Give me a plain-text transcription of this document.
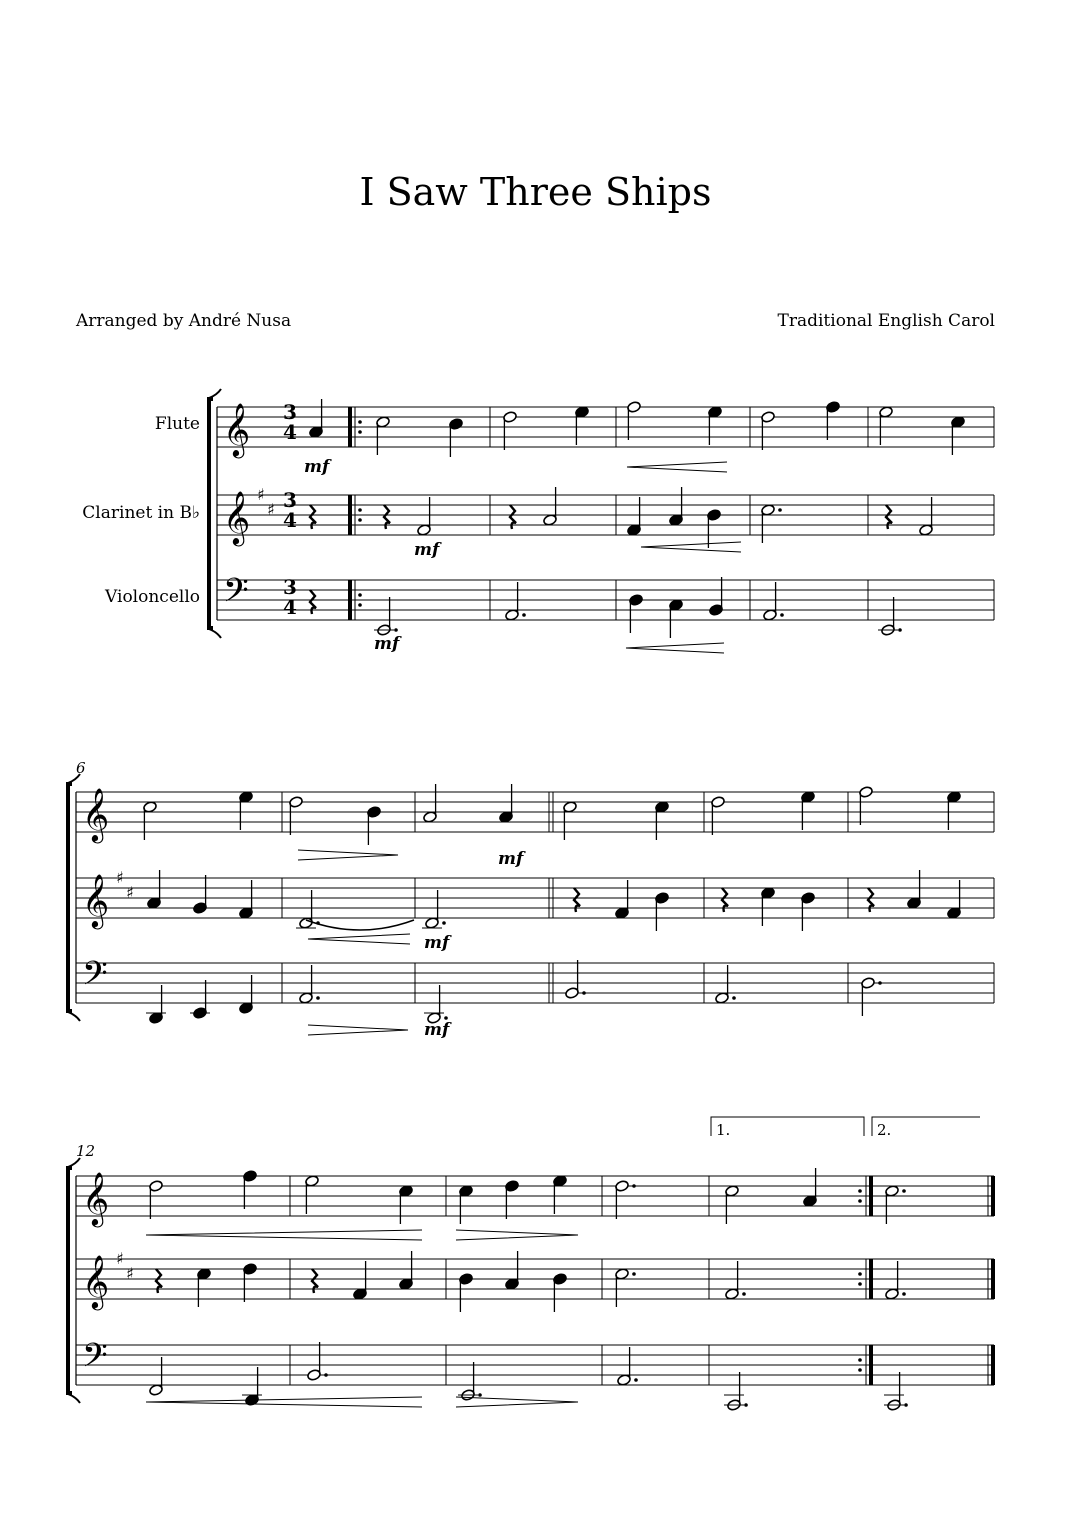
I Saw Three Ships
Arranged by André Nusa	Traditional English Carol
Flute
Clarinet in B♭
Violoncello
𝄞
𝄞
𝄢
♯
♯
𝄞
𝄞
𝄢
♯
♯
𝄞
𝄞
𝄢
♯
♯
3
4
3
4
3
4
6
12
1.	2.
mf
mf
mf
mf
mf
mf
